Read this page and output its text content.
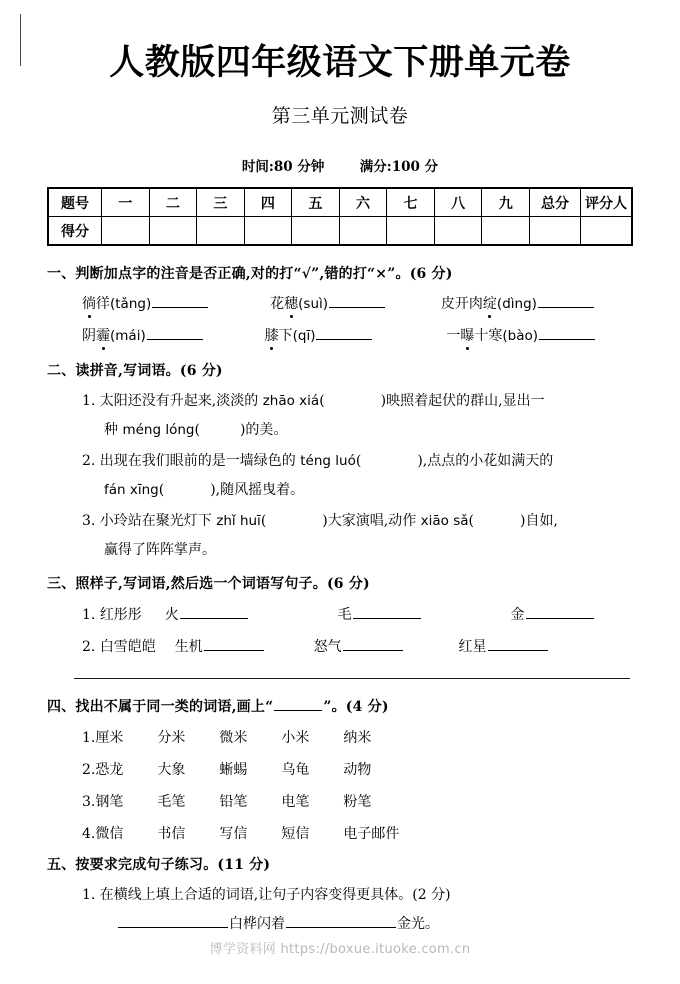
人教版四年级语文下册单元卷
第三单元测试卷
时间:80 分钟	满分:100 分
题号	一	二	三	四	五	六	七	八	九	总分	评分人
得分											
一、判断加点字的注音是否正确,对的打“√”,错的打“×”。(6 分)
徜徉(tǎng)	花穗(suì)	皮开肉绽(dìng)
阴霾(mái)	膝下(qī)	一曝十寒(bào)
二、读拼音,写词语。(6 分)
1. 太阳还没有升起来,淡淡的 zhāo xiá(	)映照着起伏的群山,显出一
种 méng lóng(	)的美。
2. 出现在我们眼前的是一墙绿色的 téng luó(	),点点的小花如满天的
fán xīng(	),随风摇曳着。
3. 小玲站在聚光灯下 zhǐ huī(	)大家演唱,动作 xiāo sǎ(	)自如,
赢得了阵阵掌声。
三、照样子,写词语,然后选一个词语写句子。(6 分)
1. 红彤彤 火	毛	金
2. 白雪皑皑 生机	怒气	红星
四、找出不属于同一类的词语,画上“	”。(4 分)
1.厘米 分米 微米 小米 纳米
2.恐龙 大象 蜥蜴 乌龟 动物
3.钢笔 毛笔 铅笔 电笔 粉笔
4.微信 书信 写信 短信 电子邮件
五、按要求完成句子练习。(11 分)
1. 在横线上填上合适的词语,让句子内容变得更具体。(2 分)
白桦闪着	金光。
博学资料网 https://boxue.ituoke.com.cn
